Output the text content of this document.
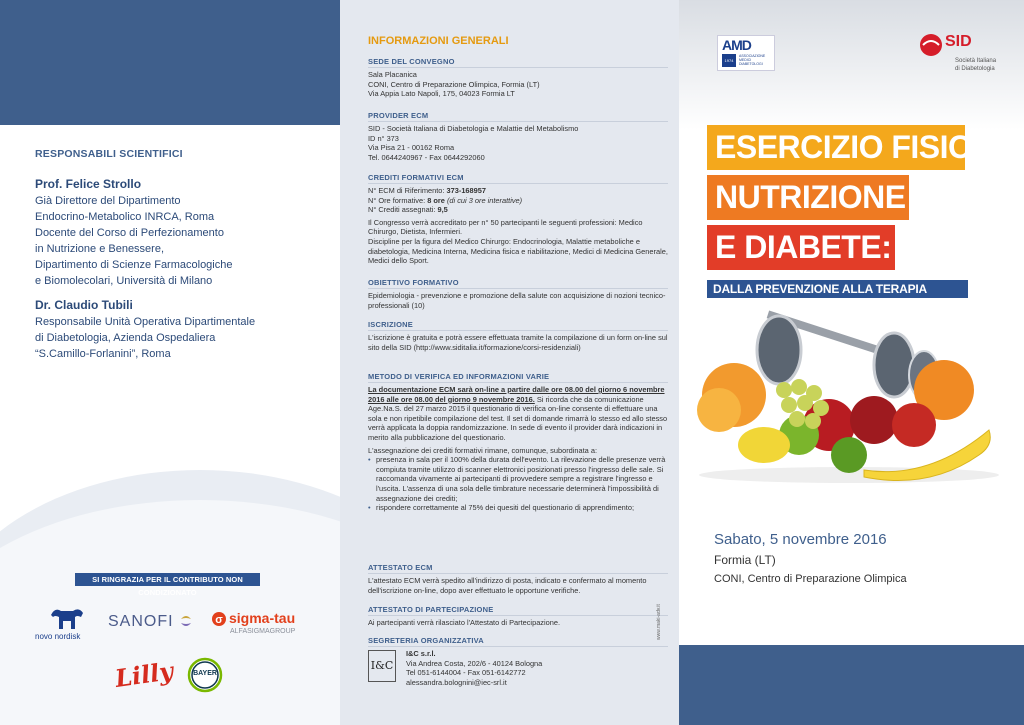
RESPONSABILI SCIENTIFICI
Prof. Felice Strollo
Già Direttore del Dipartimento
Endocrino-Metabolico INRCA, Roma
Docente del Corso di Perfezionamento
in Nutrizione e Benessere,
Dipartimento di Scienze Farmacologiche
e Biomolecolari, Università di Milano
Dr. Claudio Tubili
Responsabile Unità Operativa Dipartimentale
di Diabetologia, Azienda Ospedaliera
“S.Camillo-Forlanini”, Roma
SI RINGRAZIA PER IL CONTRIBUTO NON CONDIZIONATO
novo nordisk
SANOFI	σ sigma-tau
ALFASIGMAGROUP
Lilly	BAYER
INFORMAZIONI GENERALI
SEDE DEL CONVEGNO
Sala Placanica
CONI, Centro di Preparazione Olimpica, Formia (LT)
Via Appia Lato Napoli, 175, 04023 Formia LT
PROVIDER ECM
SID - Società Italiana di Diabetologia e Malattie del Metabolismo
ID n° 373
Via Pisa 21 - 00162 Roma
Tel. 0644240967 - Fax 0644292060
CREDITI FORMATIVI ECM
N° ECM di Riferimento: 373-168957
N° Ore formative: 8 ore (di cui 3 ore interattive)
N° Crediti assegnati: 9,5
Il Congresso verrà accreditato per n° 50 partecipanti le seguenti professioni: Medico Chirurgo, Dietista, Infermieri.
Discipline per la figura del Medico Chirurgo: Endocrinologia, Malattie metaboliche e diabetologia, Medicina Interna, Medicina fisica e riabilitazione, Medici di Medicina Generale, Medici dello Sport.
OBIETTIVO FORMATIVO
Epidemiologia - prevenzione e promozione della salute con acquisizione di nozioni tecnico-professionali (10)
ISCRIZIONE
L'iscrizione è gratuita e potrà essere effettuata tramite la compilazione di un form on-line sul sito della SID (http://www.siditalia.it/formazione/corsi-residenziali)
METODO DI VERIFICA ED INFORMAZIONI VARIE
La documentazione ECM sarà on-line a partire dalle ore 08.00 del giorno 6 novembre 2016 alle ore 08.00 del giorno 9 novembre 2016. Si ricorda che da comunicazione Age.Na.S. del 27 marzo 2015 il questionario di verifica on-line consente di effettuare una sola e non ripetibile compilazione del test. Il set di domande rimarrà lo stesso ed allo stesso verrà applicata la doppia randomizzazione. In sede di evento il provider darà indicazioni in merito alla pubblicazione del questionario.
L'assegnazione dei crediti formativi rimane, comunque, subordinata a:
• presenza in sala per il 100% della durata dell'evento. La rilevazione delle presenze verrà compiuta tramite utilizzo di scanner elettronici posizionati presso l'ingresso delle sale. Si raccomanda vivamente ai partecipanti di provvedere sempre a registrare l'ingresso e l'uscita. L'assenza di una sola delle timbrature necessarie determinerà l'impossibilità di assegnazione dei crediti;
• rispondere correttamente al 75% dei quesiti del questionario di apprendimento;
ATTESTATO ECM
L'attestato ECM verrà spedito all'indirizzo di posta, indicato e confermato al momento dell'iscrizione on-line, dopo aver effettuato le opportune verifiche.
ATTESTATO DI PARTECIPAZIONE
Ai partecipanti verrà rilasciato l'Attestato di Partecipazione.
SEGRETERIA ORGANIZZATIVA
I&C
I&C s.r.l.
Via Andrea Costa, 202/6 - 40124 Bologna
Tel 051-6144004 - Fax 051-6142772
alessandra.bolognini@iec-srl.it
www.maki-adv.it
AMD
1974
ASSOCIAZIONE MEDICI DIABETOLOGI
SID
Società Italiana
di Diabetologia
ESERCIZIO FISICO,
NUTRIZIONE
E DIABETE:
DALLA PREVENZIONE ALLA TERAPIA
Sabato, 5 novembre 2016
Formia (LT)
CONI, Centro di Preparazione Olimpica
